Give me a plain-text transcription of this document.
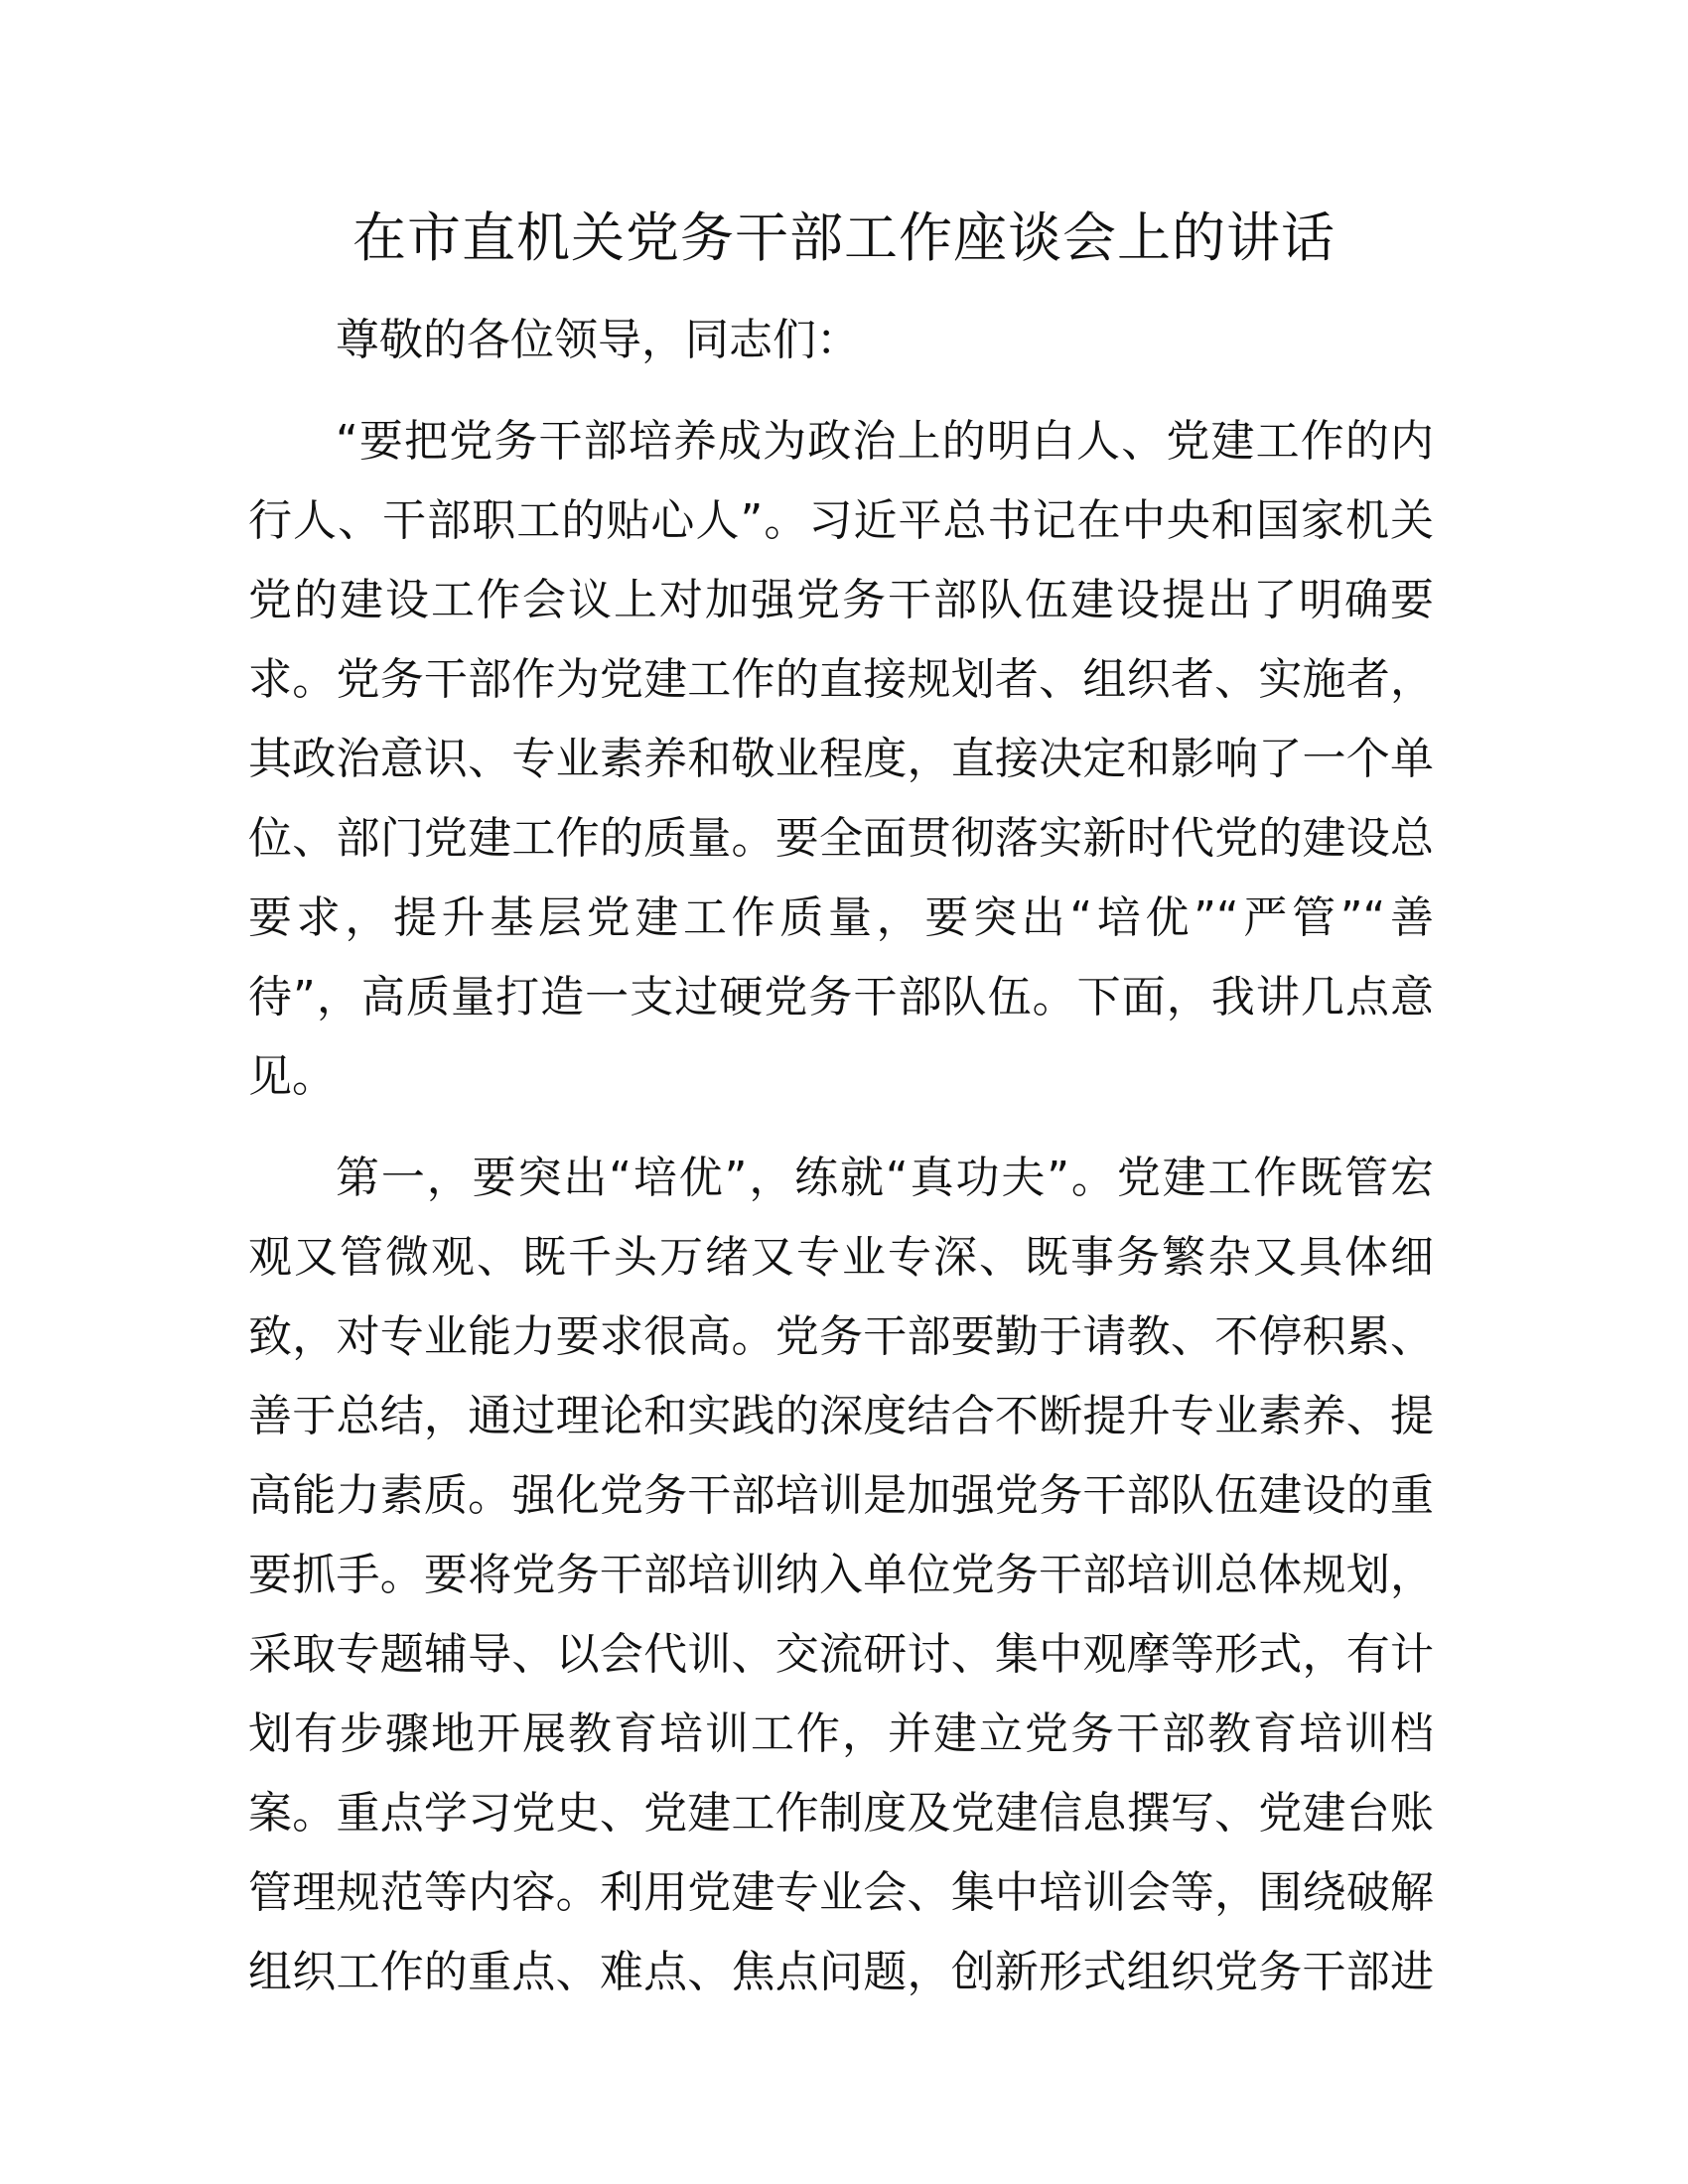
在市直机关党务干部工作座谈会上的讲话

尊敬的各位领导，同志们：

“要把党务干部培养成为政治上的明白人、党建工作的内
行人、干部职工的贴心人”。习近平总书记在中央和国家机关
党的建设工作会议上对加强党务干部队伍建设提出了明确要
求。党务干部作为党建工作的直接规划者、组织者、实施者，
其政治意识、专业素养和敬业程度，直接决定和影响了一个单
位、部门党建工作的质量。要全面贯彻落实新时代党的建设总
要求，提升基层党建工作质量，要突出“培优”“严管”“善
待”，高质量打造一支过硬党务干部队伍。下面，我讲几点意
见。
第一，要突出“培优”，练就“真功夫”。党建工作既管宏
观又管微观、既千头万绪又专业专深、既事务繁杂又具体细
致，对专业能力要求很高。党务干部要勤于请教、不停积累、
善于总结，通过理论和实践的深度结合不断提升专业素养、提
高能力素质。强化党务干部培训是加强党务干部队伍建设的重
要抓手。要将党务干部培训纳入单位党务干部培训总体规划，
采取专题辅导、以会代训、交流研讨、集中观摩等形式，有计
划有步骤地开展教育培训工作，并建立党务干部教育培训档
案。重点学习党史、党建工作制度及党建信息撰写、党建台账
管理规范等内容。利用党建专业会、集中培训会等，围绕破解
组织工作的重点、难点、焦点问题，创新形式组织党务干部进
